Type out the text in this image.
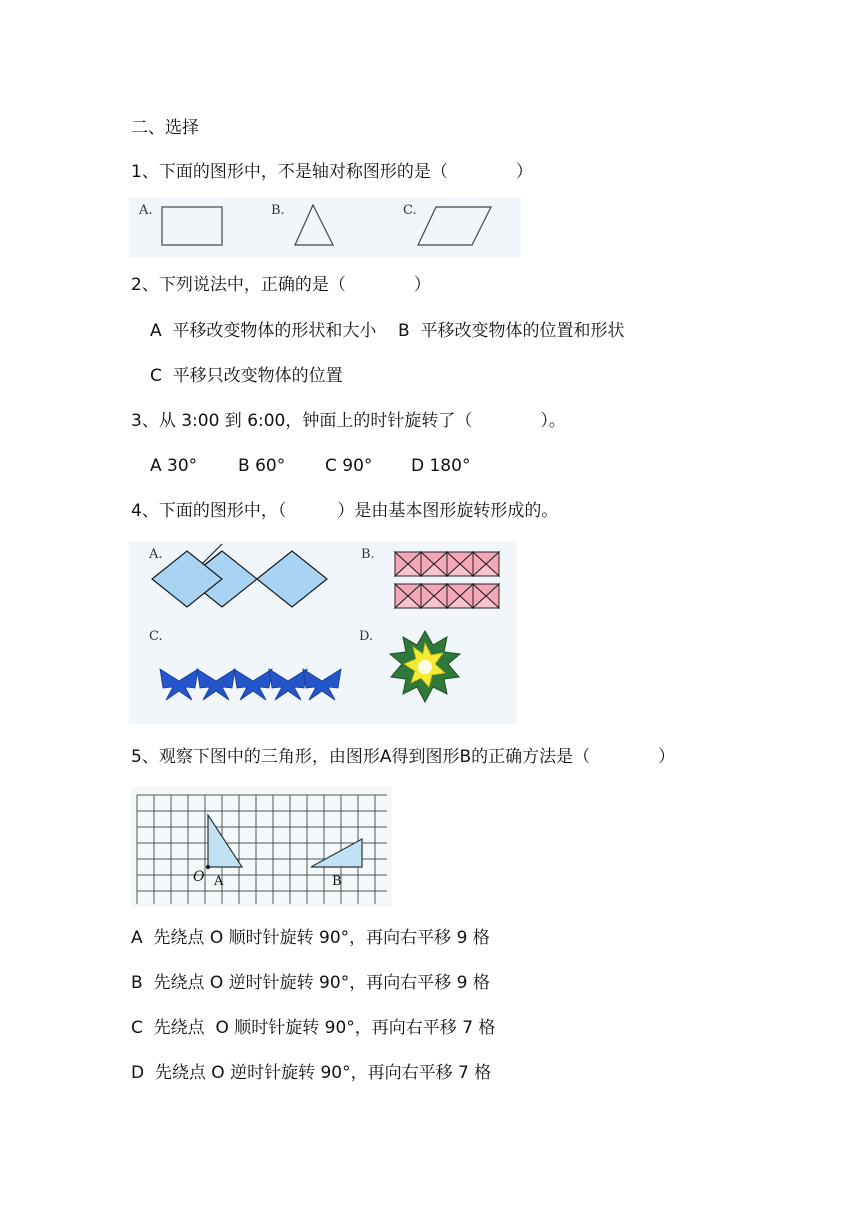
二、选择
1、下面的图形中，不是轴对称图形的是（　　　　）
A.	B.	C.
2、下列说法中，正确的是（　　　　）
A  平移改变物体的形状和大小    B  平移改变物体的位置和形状
C  平移只改变物体的位置
3、从 3:00 到 6:00，钟面上的时针旋转了（　　　　）。
A 30° B 60° C 90° D 180°
4、下面的图形中，（　　　）是由基本图形旋转形成的。
A.	B.
C.	D.
5、观察下图中的三角形，由图形A得到图形B的正确方法是（　　　　）
O A	B
A  先绕点 O 顺时针旋转 90°，再向右平移 9 格
B  先绕点 O 逆时针旋转 90°，再向右平移 9 格
C  先绕点  O 顺时针旋转 90°，再向右平移 7 格
D  先绕点 O 逆时针旋转 90°，再向右平移 7 格
